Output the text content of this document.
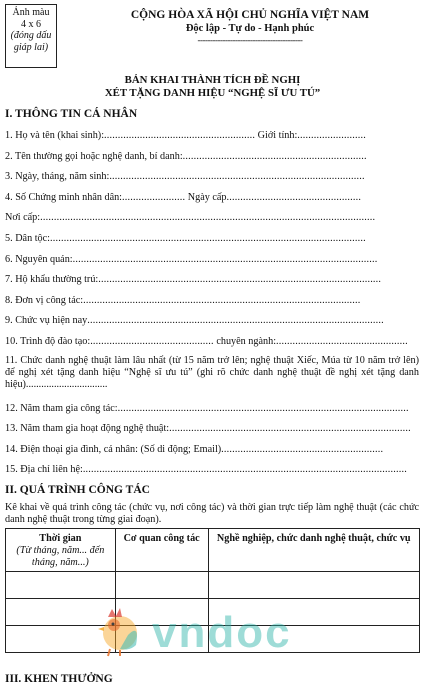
Ảnh màu
4 x 6
(đóng dấu
giáp lai)
CỘNG HÒA XÃ HỘI CHỦ NGHĨA VIỆT NAM
Độc lập - Tự do - Hạnh phúc
------------------------------------------
BẢN KHAI THÀNH TÍCH ĐỀ NGHỊ
XÉT TẶNG DANH HIỆU “NGHỆ SĨ ƯU TÚ”
I. THÔNG TIN CÁ NHÂN
1. Họ và tên (khai sinh):....................................................... Giới tính:.........................
2. Tên thường gọi hoặc nghệ danh, bí danh:...................................................................
3. Ngày, tháng, năm sinh:.............................................................................................
4. Số Chứng minh nhân dân:....................... Ngày cấp.................................................
Nơi cấp:..........................................................................................................................
5. Dân tộc:...................................................................................................................
6. Nguyên quán:...............................................................................................................
7. Hộ khẩu thường trú:.......................................................................................................
8. Đơn vị công tác:.....................................................................................................
9. Chức vụ hiện nay............................................................................................................
10. Trình độ đào tạo:............................................. chuyên ngành:................................................
11. Chức danh nghệ thuật làm lâu nhất (từ 15 năm trở lên; nghệ thuật Xiếc, Múa từ 10 năm trở lên) để nghị xét tặng danh hiệu “Nghệ sĩ ưu tú” (ghi rõ chức danh nghệ thuật đề nghị xét tặng danh hiệu)................................
12. Năm tham gia công tác:..........................................................................................................
13. Năm tham gia hoạt động nghệ thuật:........................................................................................
14. Điện thoại gia đình, cá nhân: (Số di động; Email)...........................................................
15. Địa chỉ liên hệ:......................................................................................................................
II. QUÁ TRÌNH CÔNG TÁC
Kê khai về quá trình công tác (chức vụ, nơi công tác) và thời gian trực tiếp làm nghệ thuật (các chức danh nghệ thuật trong từng giai đoạn).
Thời gian
(Từ tháng, năm... đến tháng, năm...)	Cơ quan công tác	Nghề nghiệp, chức danh nghệ thuật, chức vụ

vndoc
III. KHEN THƯỞNG
